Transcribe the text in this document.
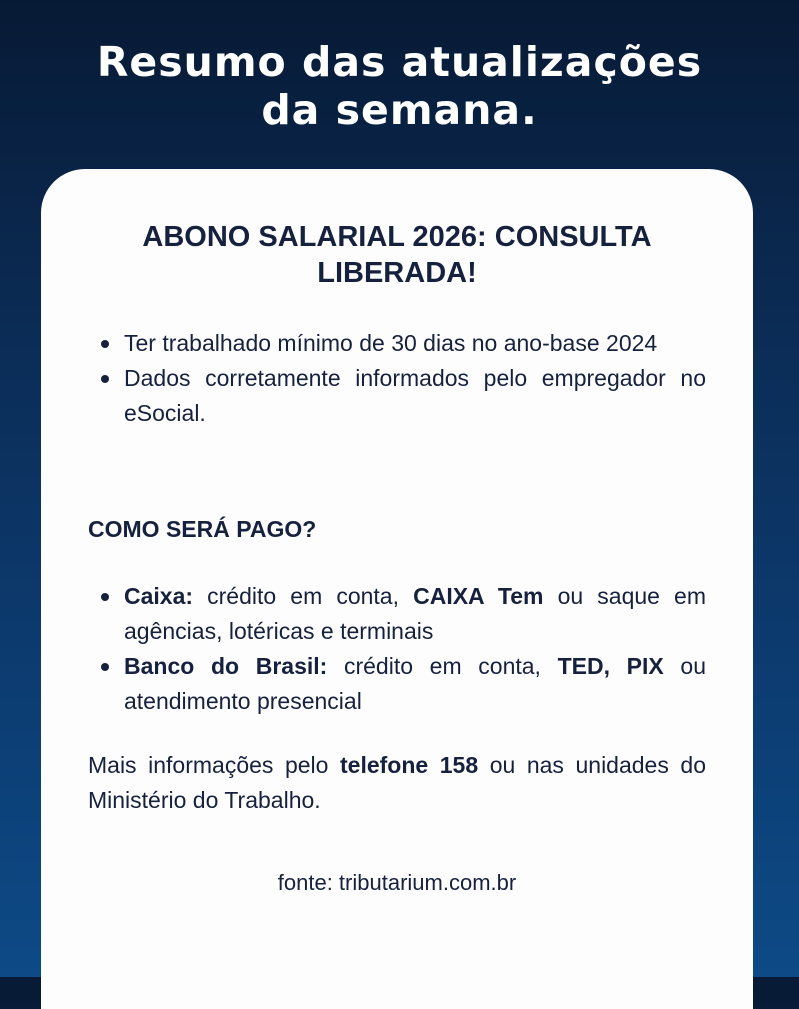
Resumo das atualizações
da semana.
ABONO SALARIAL 2026: CONSULTA
LIBERADA!
Ter trabalhado mínimo de 30 dias no ano-base 2024
Dados corretamente informados pelo empregador no eSocial.
COMO SERÁ PAGO?
Caixa: crédito em conta, CAIXA Tem ou saque em agências, lotéricas e terminais
Banco do Brasil: crédito em conta, TED, PIX ou atendimento presencial
Mais informações pelo telefone 158 ou nas unidades do Ministério do Trabalho.
fonte: tributarium.com.br
